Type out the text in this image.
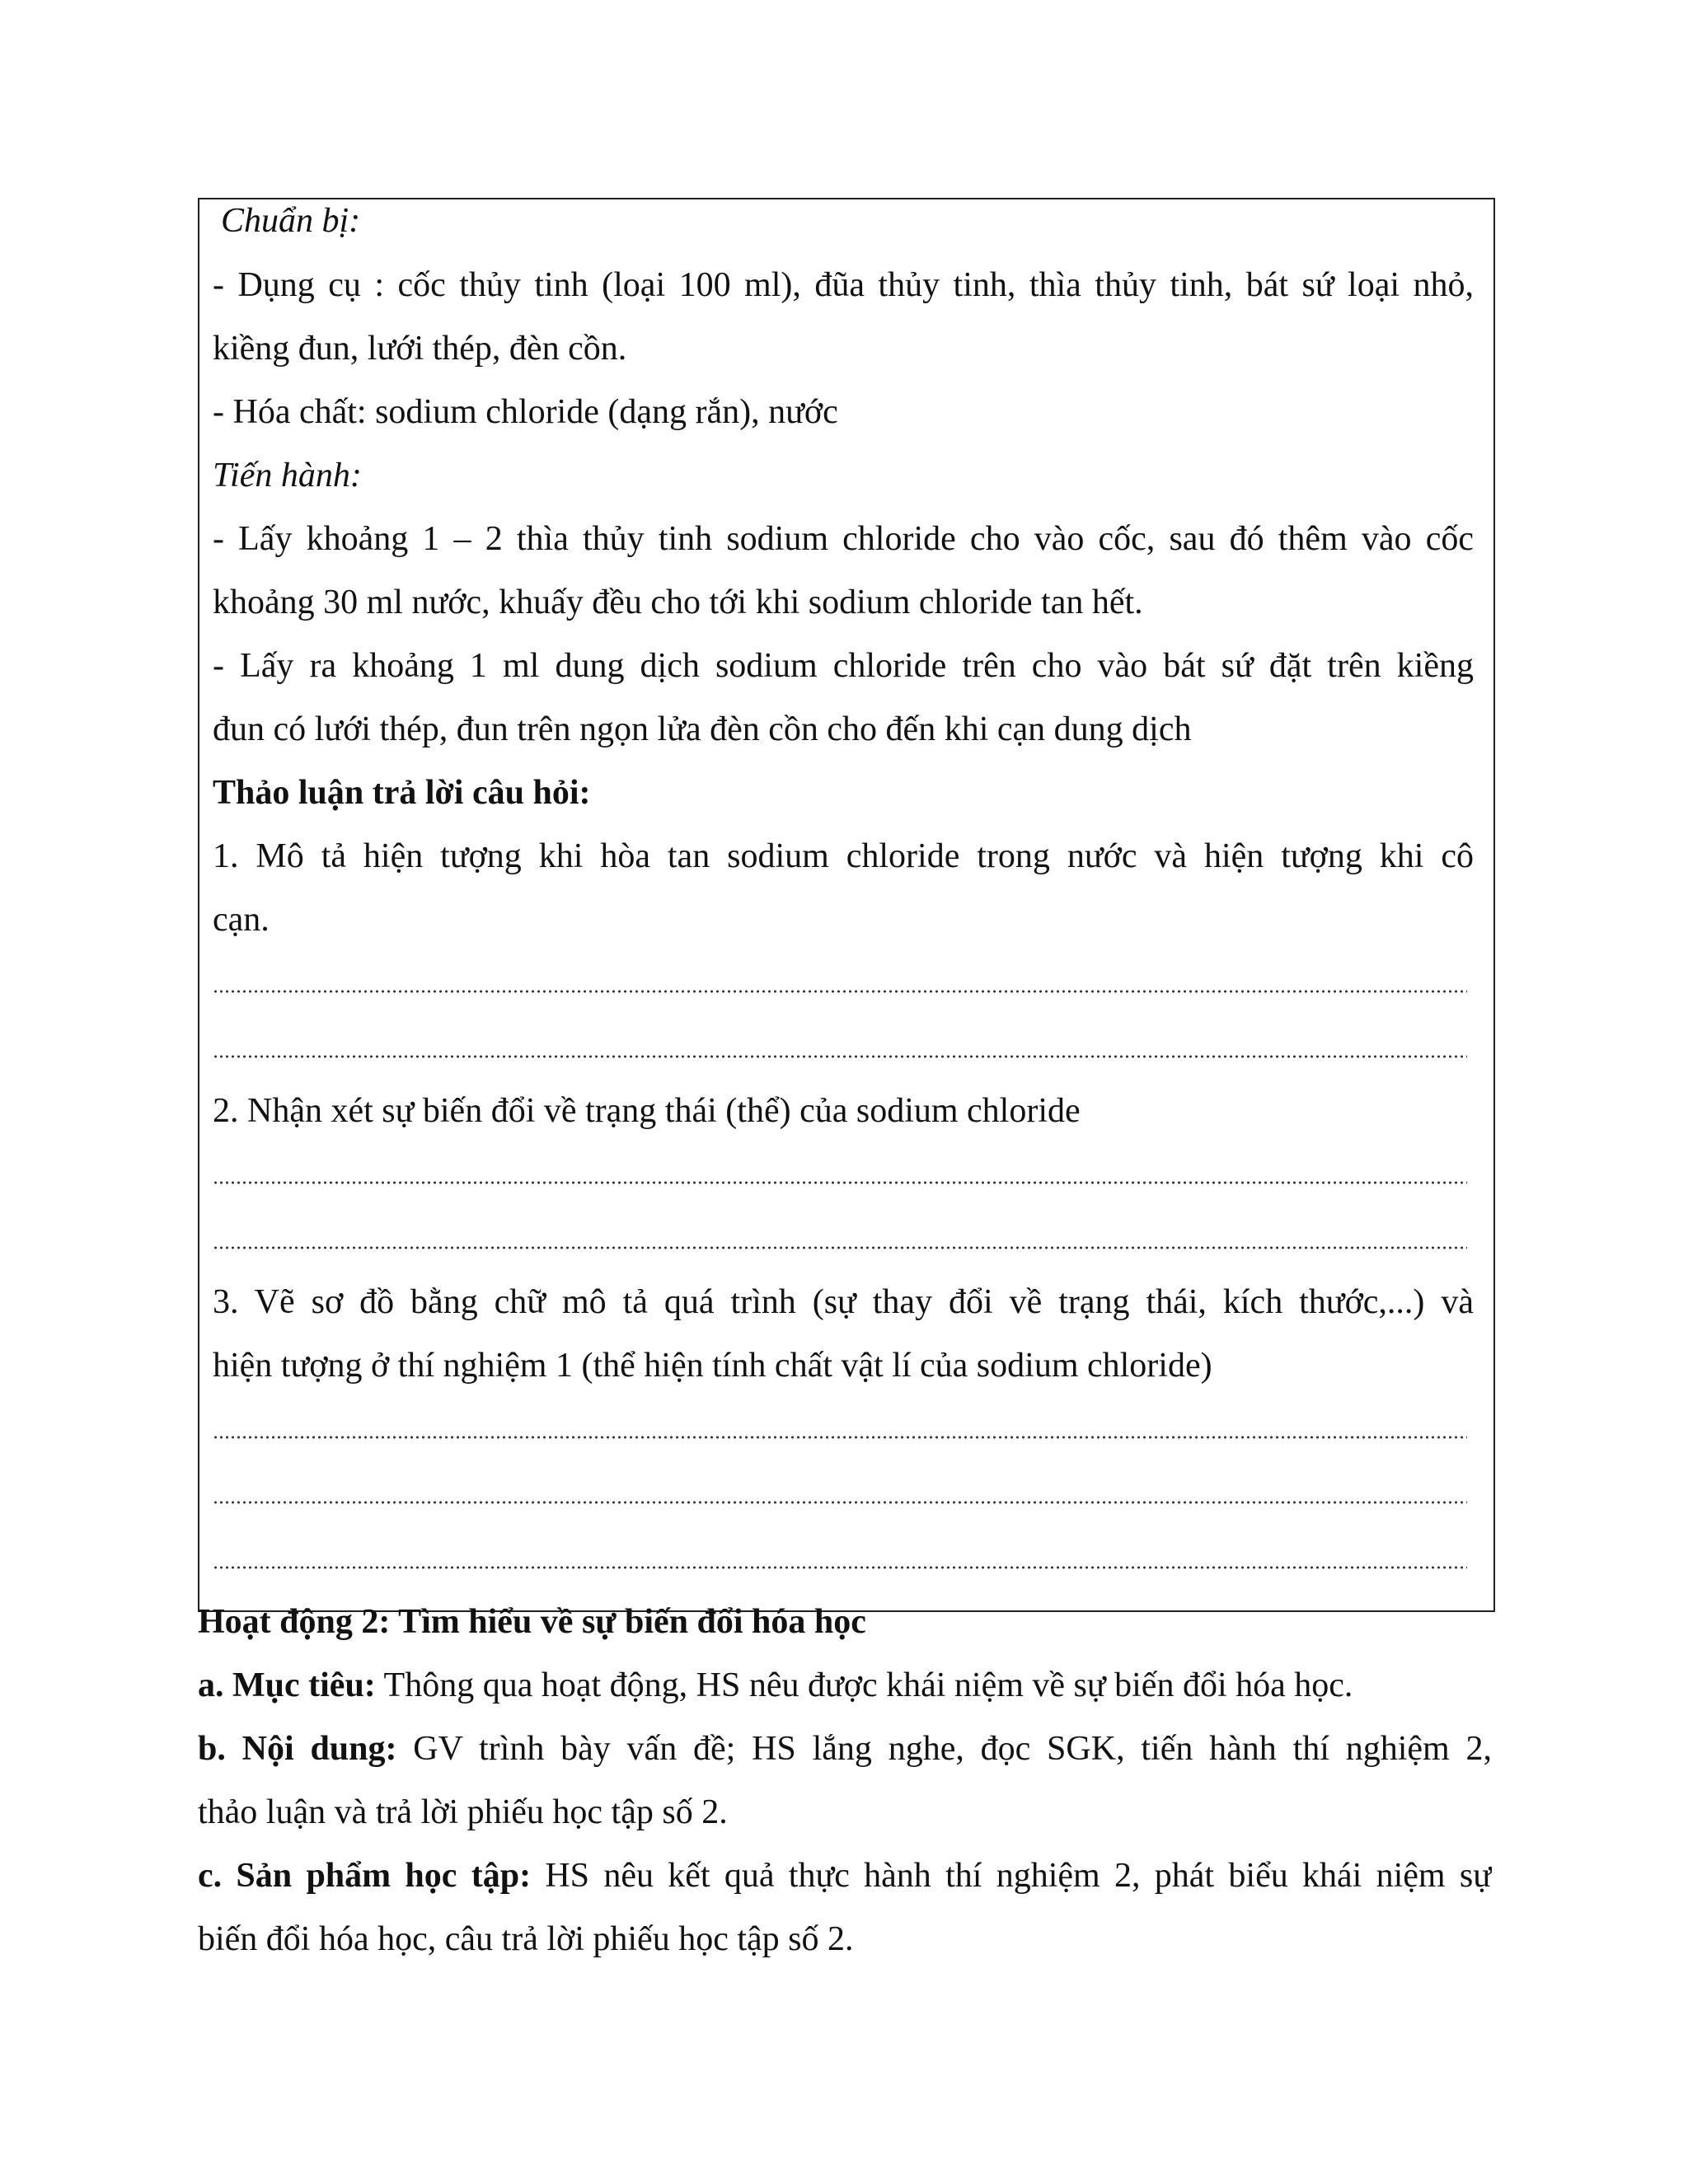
Chuẩn bị:
- Dụng cụ : cốc thủy tinh (loại 100 ml), đũa thủy tinh, thìa thủy tinh, bát sứ loại nhỏ,
kiềng đun, lưới thép, đèn cồn.
- Hóa chất: sodium chloride (dạng rắn), nước
Tiến hành:
- Lấy khoảng 1 – 2 thìa thủy tinh sodium chloride cho vào cốc, sau đó thêm vào cốc
khoảng 30 ml nước, khuấy đều cho tới khi sodium chloride tan hết.
- Lấy ra khoảng 1 ml dung dịch sodium chloride trên cho vào bát sứ đặt trên kiềng
đun có lưới thép, đun trên ngọn lửa đèn cồn cho đến khi cạn dung dịch
Thảo luận trả lời câu hỏi:
1. Mô tả hiện tượng khi hòa tan sodium chloride trong nước và hiện tượng khi cô
cạn.
2. Nhận xét sự biến đổi về trạng thái (thể) của sodium chloride
3. Vẽ sơ đồ bằng chữ mô tả quá trình (sự thay đổi về trạng thái, kích thước,...) và
hiện tượng ở thí nghiệm 1 (thể hiện tính chất vật lí của sodium chloride)
Hoạt động 2: Tìm hiểu về sự biến đổi hóa học
a. Mục tiêu: Thông qua hoạt động, HS nêu được khái niệm về sự biến đổi hóa học.
b. Nội dung: GV trình bày vấn đề; HS lắng nghe, đọc SGK, tiến hành thí nghiệm 2,
thảo luận và trả lời phiếu học tập số 2.
c. Sản phẩm học tập: HS nêu kết quả thực hành thí nghiệm 2, phát biểu khái niệm sự
biến đổi hóa học, câu trả lời phiếu học tập số 2.
